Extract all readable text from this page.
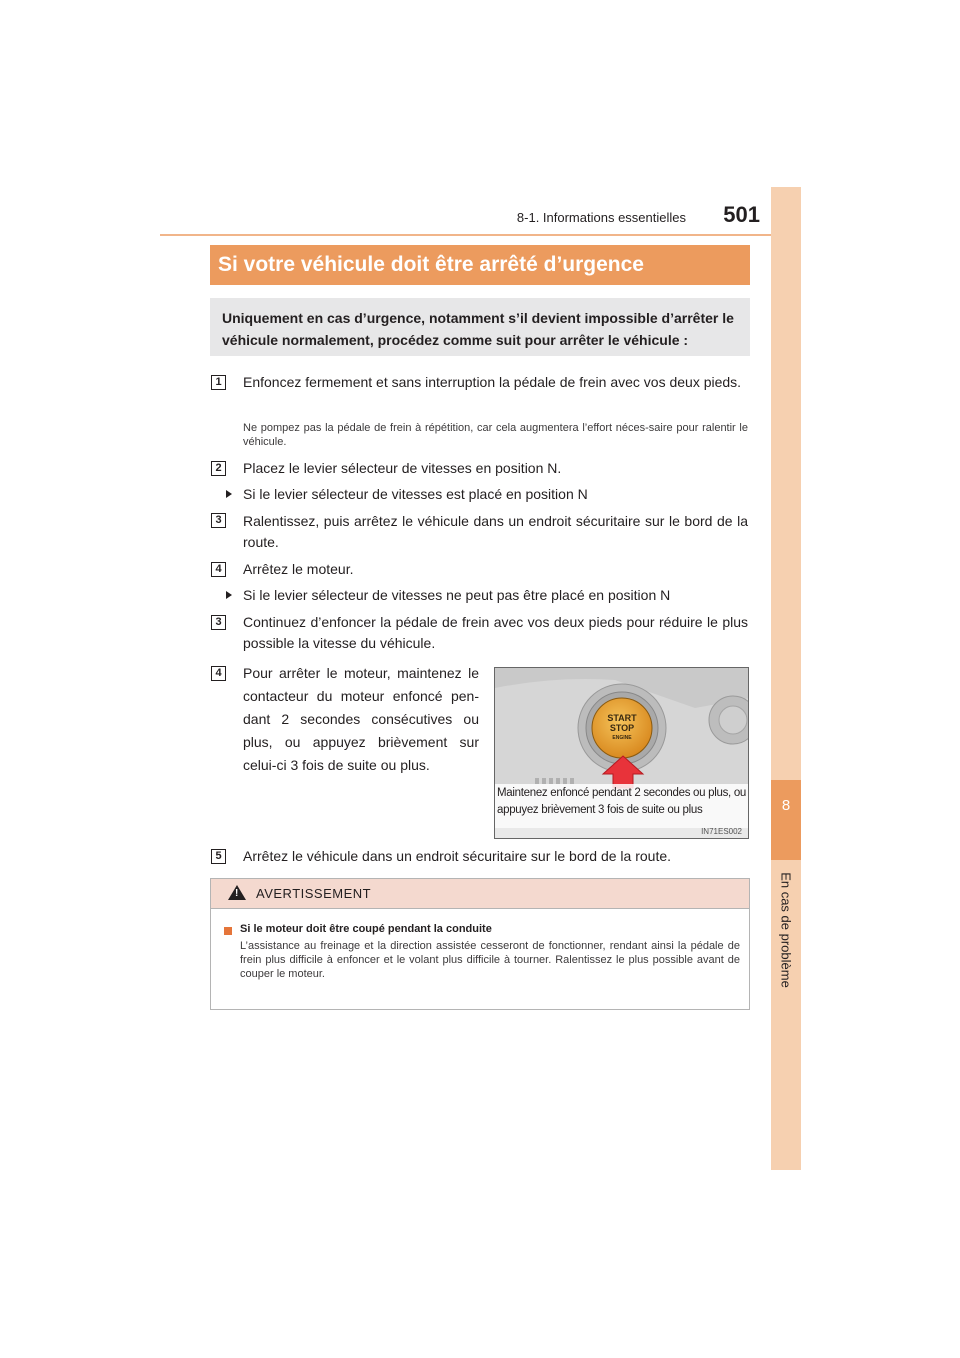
8-1. Informations essentielles	501
8
En cas de problème
Si votre véhicule doit être arrêté d’urgence
Uniquement en cas d’urgence, notamment s’il devient impossible d’arrêter le véhicule normalement, procédez comme suit pour arrêter le véhicule :
1	Enfoncez fermement et sans interruption la pédale de frein avec vos deux pieds.
Ne pompez pas la pédale de frein à répétition, car cela augmentera l’effort néces-saire pour ralentir le véhicule.
2	Placez le levier sélecteur de vitesses en position N.
Si le levier sélecteur de vitesses est placé en position N
3	Ralentissez, puis arrêtez le véhicule dans un endroit sécuritaire sur le bord de la route.
4	Arrêtez le moteur.
Si le levier sélecteur de vitesses ne peut pas être placé en position N
3	Continuez d’enfoncer la pédale de frein avec vos deux pieds pour réduire le plus possible la vitesse du véhicule.
4	Pour arrêter le moteur, maintenez le contacteur du moteur enfoncé pen-dant 2 secondes consécutives ou plus, ou appuyez brièvement sur celui-ci 3 fois de suite ou plus.
START
STOP
ENGINE
Maintenez enfoncé pendant 2 secondes ou plus, ou appuyez brièvement 3 fois de suite ou plus
IN71ES002
5	Arrêtez le véhicule dans un endroit sécuritaire sur le bord de la route.
! AVERTISSEMENT
Si le moteur doit être coupé pendant la conduite
L’assistance au freinage et la direction assistée cesseront de fonctionner, rendant ainsi la pédale de frein plus difficile à enfoncer et le volant plus difficile à tourner. Ralentissez le plus possible avant de couper le moteur.
